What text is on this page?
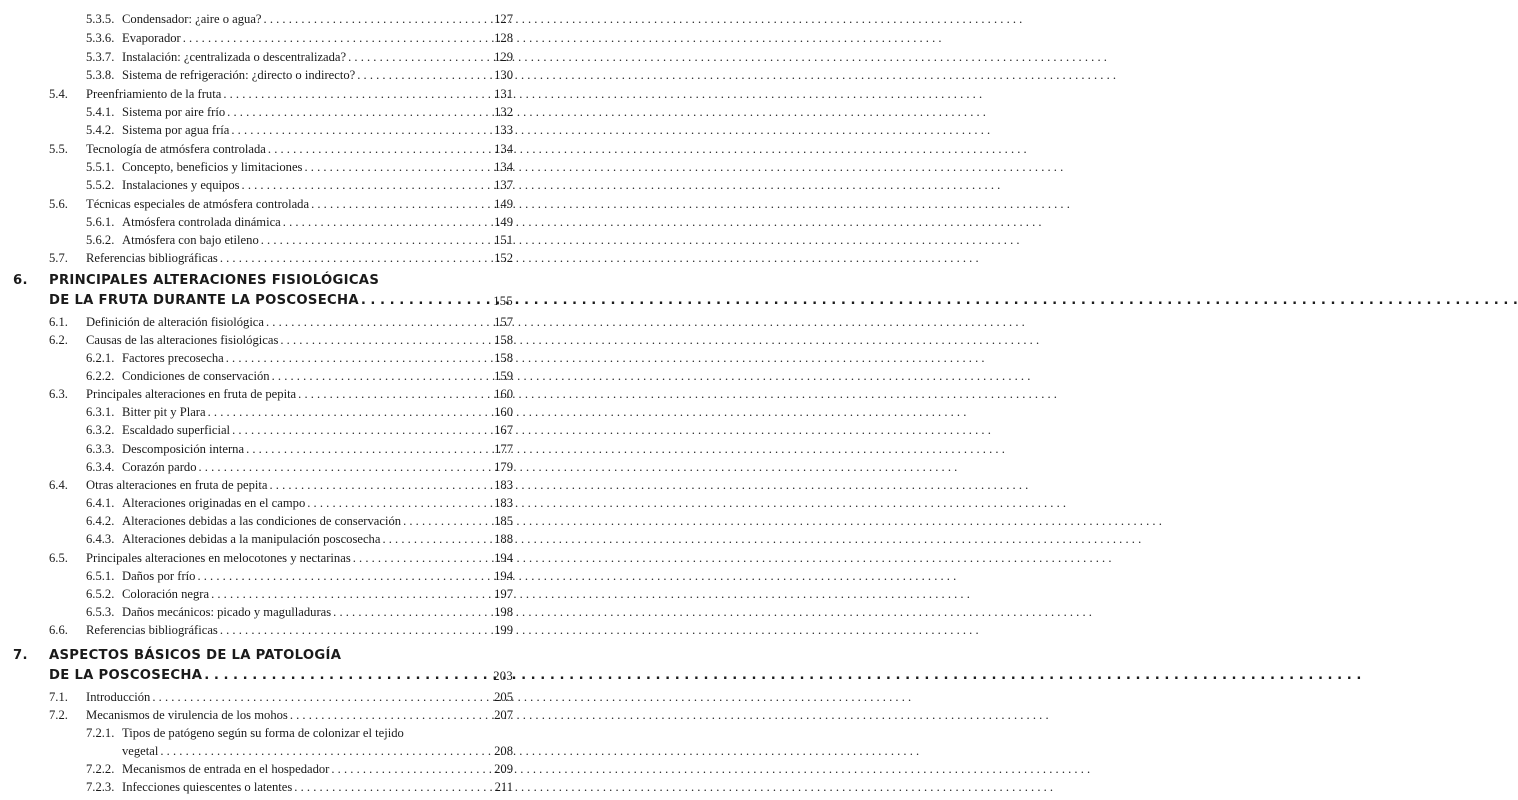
5.3.5. Condensador: ¿aire o agua? . . .	127
5.3.6. Evaporador . . .	128
5.3.7. Instalación: ¿centralizada o descentralizada? . . .	129
5.3.8. Sistema de refrigeración: ¿directo o indirecto? . . .	130
5.4. Preenfriamiento de la fruta . . .	131
5.4.1. Sistema por aire frío . . .	132
5.4.2. Sistema por agua fría . . .	133
5.5. Tecnología de atmósfera controlada . . .	134
5.5.1. Concepto, beneficios y limitaciones . . .	134
5.5.2. Instalaciones y equipos . . .	137
5.6. Técnicas especiales de atmósfera controlada . . .	149
5.6.1. Atmósfera controlada dinámica . . .	149
5.6.2. Atmósfera con bajo etileno . . .	151
5.7. Referencias bibliográficas . . .	152
6. PRINCIPALES ALTERACIONES FISIOLÓGICAS
DE LA FRUTA DURANTE LA POSCOSECHA . . .	155
6.1. Definición de alteración fisiológica . . .	157
6.2. Causas de las alteraciones fisiológicas . . .	158
6.2.1. Factores precosecha . . .	158
6.2.2. Condiciones de conservación . . .	159
6.3. Principales alteraciones en fruta de pepita . . .	160
6.3.1. Bitter pit y Plara . . .	160
6.3.2. Escaldado superficial . . .	167
6.3.3. Descomposición interna . . .	177
6.3.4. Corazón pardo . . .	179
6.4. Otras alteraciones en fruta de pepita . . .	183
6.4.1. Alteraciones originadas en el campo . . .	183
6.4.2. Alteraciones debidas a las condiciones de conservación . . .	185
6.4.3. Alteraciones debidas a la manipulación poscosecha . . .	188
6.5. Principales alteraciones en melocotones y nectarinas . . .	194
6.5.1. Daños por frío . . .	194
6.5.2. Coloración negra . . .	197
6.5.3. Daños mecánicos: picado y magulladuras . . .	198
6.6. Referencias bibliográficas . . .	199
7. ASPECTOS BÁSICOS DE LA PATOLOGÍA
DE LA POSCOSECHA . . .	203
7.1. Introducción . . .	205
7.2. Mecanismos de virulencia de los mohos . . .	207
7.2.1. Tipos de patógeno según su forma de colonizar el tejido
vegetal . . .	208
7.2.2. Mecanismos de entrada en el hospedador . . .	209
7.2.3. Infecciones quiescentes o latentes . . .	211
